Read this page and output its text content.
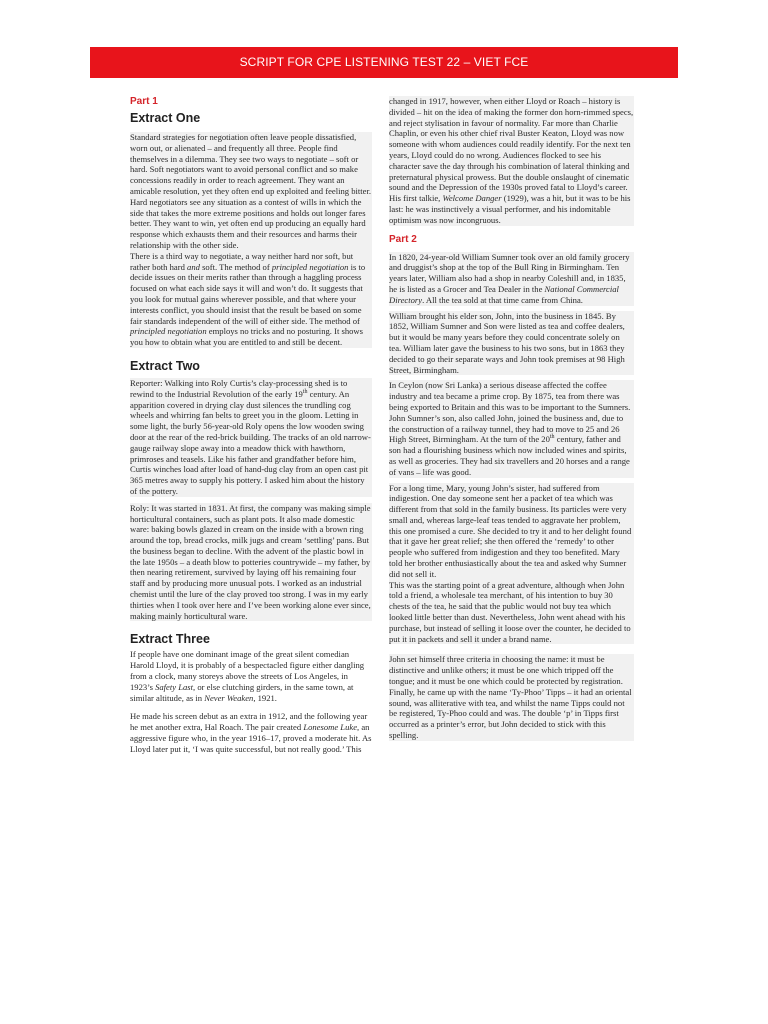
SCRIPT FOR CPE LISTENING TEST 22 – VIET FCE

Part 1

Extract One

Standard strategies for negotiation often leave people dissatisfied, worn out, or alienated – and frequently all three. People find themselves in a dilemma. They see two ways to negotiate – soft or hard. Soft negotiators want to avoid personal conflict and so make concessions readily in order to reach agreement. They want an amicable resolution, yet they often end up exploited and feeling bitter. Hard negotiators see any situation as a contest of wills in which the side that takes the more extreme positions and holds out longer fares better. They want to win, yet often end up producing an equally hard response which exhausts them and their resources and harms their relationship with the other side.

There is a third way to negotiate, a way neither hard nor soft, but rather both hard and soft. The method of principled negotiation is to decide issues on their merits rather than through a haggling process focused on what each side says it will and won’t do. It suggests that you look for mutual gains wherever possible, and that where your interests conflict, you should insist that the result be based on some fair standards independent of the will of either side. The method of principled negotiation employs no tricks and no posturing. It shows you how to obtain what you are entitled to and still be decent.

Extract Two

Reporter: Walking into Roly Curtis’s clay-processing shed is to rewind to the Industrial Revolution of the early 19th century. An apparition covered in drying clay dust silences the trundling cog wheels and whirring fan belts to greet you in the gloom. Letting in some light, the burly 56-year-old Roly opens the low wooden swing door at the rear of the red-brick building. The tracks of an old narrow-gauge railway slope away into a meadow thick with hawthorn, primroses and teasels. Like his father and grandfather before him, Curtis winches load after load of hand-dug clay from an open cast pit 365 metres away to supply his pottery. I asked him about the history of the pottery.

Roly: It was started in 1831. At first, the company was making simple horticultural containers, such as plant pots. It also made domestic ware: baking bowls glazed in cream on the inside with a brown ring around the top, bread crocks, milk jugs and cream ‘settling’ pans. But the business began to decline. With the advent of the plastic bowl in the late 1950s – a death blow to potteries countrywide – my father, by then nearing retirement, survived by laying off his remaining four staff and by producing more unusual pots. I worked as an industrial chemist until the lure of the clay proved too strong. I was in my early thirties when I took over here and I’ve been working alone ever since, making mainly horticultural ware.

Extract Three

If people have one dominant image of the great silent comedian Harold Lloyd, it is probably of a bespectacled figure either dangling from a clock, many storeys above the streets of Los Angeles, in 1923’s Safety Last, or else clutching girders, in the same town, at similar altitude, as in Never Weaken, 1921.

He made his screen debut as an extra in 1912, and the following year he met another extra, Hal Roach. The pair created Lonesome Luke, an aggressive figure who, in the year 1916–17, proved a moderate hit. As Lloyd later put it, ‘I was quite successful, but not really good.’ This

changed in 1917, however, when either Lloyd or Roach – history is divided – hit on the idea of making the former don horn-rimmed specs, and reject stylisation in favour of normality. Far more than Charlie Chaplin, or even his other chief rival Buster Keaton, Lloyd was now someone with whom audiences could readily identify. For the next ten years, Lloyd could do no wrong. Audiences flocked to see his character save the day through his combination of lateral thinking and preternatural physical prowess. But the double onslaught of cinematic sound and the Depression of the 1930s proved fatal to Lloyd’s career. His first talkie, Welcome Danger (1929), was a hit, but it was to be his last: he was instinctively a visual performer, and his indomitable optimism was now incongruous.

Part 2

In 1820, 24-year-old William Sumner took over an old family grocery and druggist’s shop at the top of the Bull Ring in Birmingham. Ten years later, William also had a shop in nearby Coleshill and, in 1835, he is listed as a Grocer and Tea Dealer in the National Commercial Directory. All the tea sold at that time came from China.

William brought his elder son, John, into the business in 1845. By 1852, William Sumner and Son were listed as tea and coffee dealers, but it would be many years before they could concentrate solely on tea. William later gave the business to his two sons, but in 1863 they decided to go their separate ways and John took premises at 98 High Street, Birmingham.

In Ceylon (now Sri Lanka) a serious disease affected the coffee industry and tea became a prime crop. By 1875, tea from there was being exported to Britain and this was to be important to the Sumners. John Sumner’s son, also called John, joined the business and, due to the construction of a railway tunnel, they had to move to 25 and 26 High Street, Birmingham. At the turn of the 20th century, father and son had a flourishing business which now included wines and spirits, as well as groceries. They had six travellers and 20 horses and a range of vans – life was good.

For a long time, Mary, young John’s sister, had suffered from indigestion. One day someone sent her a packet of tea which was different from that sold in the family business. Its particles were very small and, whereas large-leaf teas tended to aggravate her problem, this one promised a cure. She decided to try it and to her delight found that it gave her great relief; she then offered the ‘remedy’ to other people who suffered from indigestion and they too benefited. Mary told her brother enthusiastically about the tea and asked why Sumner did not sell it.

This was the starting point of a great adventure, although when John told a friend, a wholesale tea merchant, of his intention to buy 30 chests of the tea, he said that the public would not buy tea which looked little better than dust. Nevertheless, John went ahead with his purchase, but instead of selling it loose over the counter, he decided to put it in packets and sell it under a brand name.

John set himself three criteria in choosing the name: it must be distinctive and unlike others; it must be one which tripped off the tongue; and it must be one which could be protected by registration. Finally, he came up with the name ‘Ty-Phoo’ Tipps – it had an oriental sound, was alliterative with tea, and whilst the name Tipps could not be registered, Ty-Phoo could and was. The double ‘p’ in Tipps first occurred as a printer’s error, but John decided to stick with this spelling.
